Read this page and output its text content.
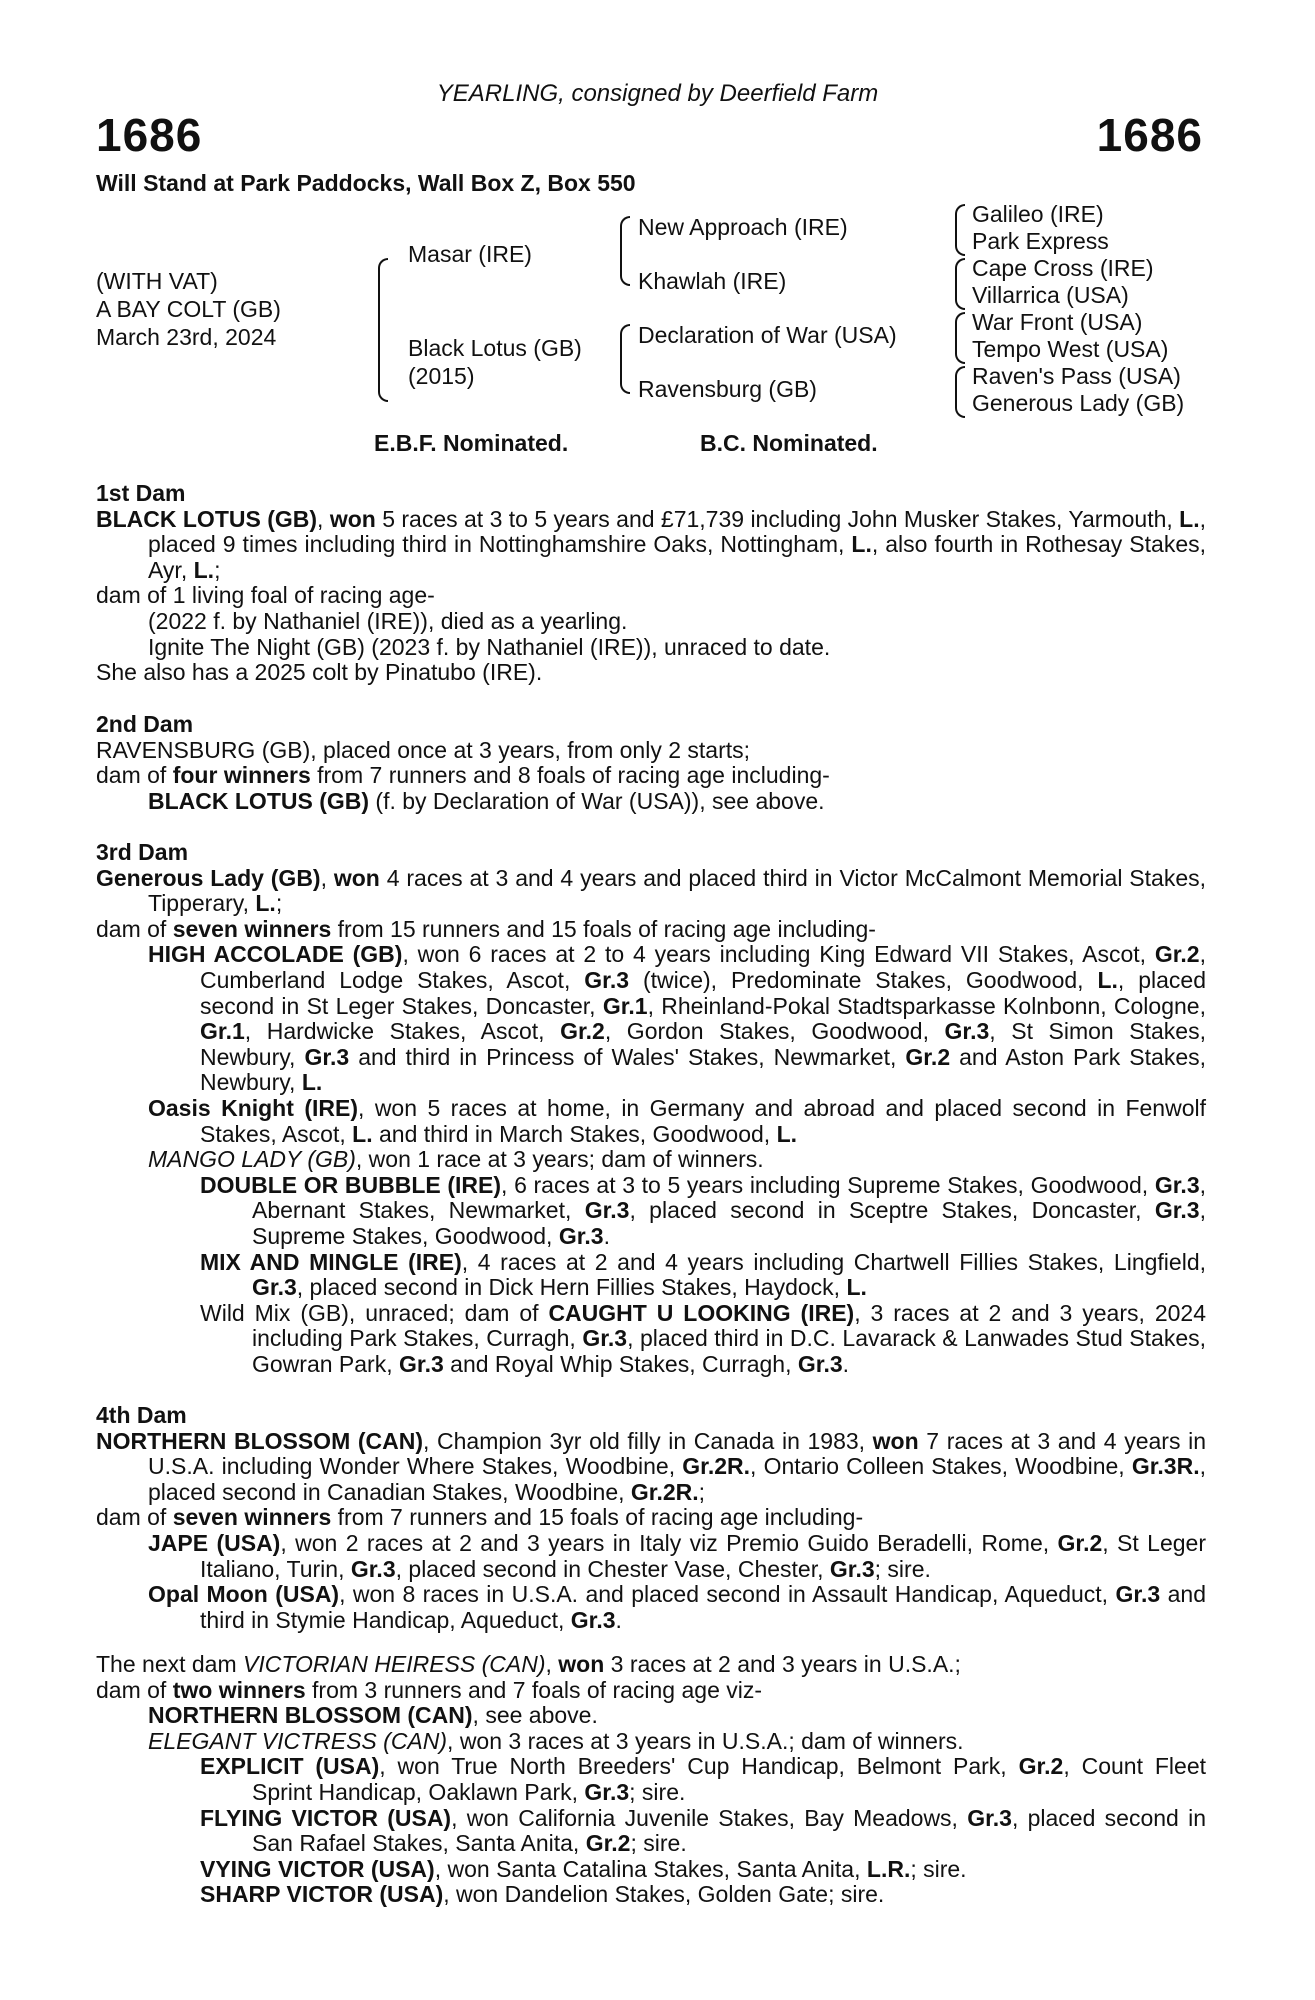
YEARLING, consigned by Deerfield Farm
1686	1686
Will Stand at Park Paddocks, Wall Box Z, Box 550
(WITH VAT)
A BAY COLT (GB)
March 23rd, 2024
Masar (IRE)
Black Lotus (GB)
(2015)
New Approach (IRE)
Khawlah (IRE)
Declaration of War (USA)
Ravensburg (GB)
Galileo (IRE)
Park Express
Cape Cross (IRE)
Villarrica (USA)
War Front (USA)
Tempo West (USA)
Raven's Pass (USA)
Generous Lady (GB)
E.B.F. Nominated.	B.C. Nominated.

1st Dam

BLACK LOTUS (GB), won 5 races at 3 to 5 years and £71,739 including John Musker Stakes, Yarmouth, L., placed 9 times including third in Nottinghamshire Oaks, Nottingham, L., also fourth in Rothesay Stakes, Ayr, L.;

dam of 1 living foal of racing age-

(2022 f. by Nathaniel (IRE)), died as a yearling.

Ignite The Night (GB) (2023 f. by Nathaniel (IRE)), unraced to date.

She also has a 2025 colt by Pinatubo (IRE).

2nd Dam

RAVENSBURG (GB), placed once at 3 years, from only 2 starts;

dam of four winners from 7 runners and 8 foals of racing age including-

BLACK LOTUS (GB) (f. by Declaration of War (USA)), see above.

3rd Dam

Generous Lady (GB), won 4 races at 3 and 4 years and placed third in Victor McCalmont Memorial Stakes, Tipperary, L.;

dam of seven winners from 15 runners and 15 foals of racing age including-

HIGH ACCOLADE (GB), won 6 races at 2 to 4 years including King Edward VII Stakes, Ascot, Gr.2, Cumberland Lodge Stakes, Ascot, Gr.3 (twice), Predominate Stakes, Goodwood, L., placed second in St Leger Stakes, Doncaster, Gr.1, Rheinland-Pokal Stadtsparkasse Kolnbonn, Cologne, Gr.1, Hardwicke Stakes, Ascot, Gr.2, Gordon Stakes, Goodwood, Gr.3, St Simon Stakes, Newbury, Gr.3 and third in Princess of Wales' Stakes, Newmarket, Gr.2 and Aston Park Stakes, Newbury, L.

Oasis Knight (IRE), won 5 races at home, in Germany and abroad and placed second in Fenwolf Stakes, Ascot, L. and third in March Stakes, Goodwood, L.

MANGO LADY (GB), won 1 race at 3 years; dam of winners.

DOUBLE OR BUBBLE (IRE), 6 races at 3 to 5 years including Supreme Stakes, Goodwood, Gr.3, Abernant Stakes, Newmarket, Gr.3, placed second in Sceptre Stakes, Doncaster, Gr.3, Supreme Stakes, Goodwood, Gr.3.

MIX AND MINGLE (IRE), 4 races at 2 and 4 years including Chartwell Fillies Stakes, Lingfield, Gr.3, placed second in Dick Hern Fillies Stakes, Haydock, L.

Wild Mix (GB), unraced; dam of CAUGHT U LOOKING (IRE), 3 races at 2 and 3 years, 2024 including Park Stakes, Curragh, Gr.3, placed third in D.C. Lavarack & Lanwades Stud Stakes, Gowran Park, Gr.3 and Royal Whip Stakes, Curragh, Gr.3.

4th Dam

NORTHERN BLOSSOM (CAN), Champion 3yr old filly in Canada in 1983, won 7 races at 3 and 4 years in U.S.A. including Wonder Where Stakes, Woodbine, Gr.2R., Ontario Colleen Stakes, Woodbine, Gr.3R., placed second in Canadian Stakes, Woodbine, Gr.2R.;

dam of seven winners from 7 runners and 15 foals of racing age including-

JAPE (USA), won 2 races at 2 and 3 years in Italy viz Premio Guido Beradelli, Rome, Gr.2, St Leger Italiano, Turin, Gr.3, placed second in Chester Vase, Chester, Gr.3; sire.

Opal Moon (USA), won 8 races in U.S.A. and placed second in Assault Handicap, Aqueduct, Gr.3 and third in Stymie Handicap, Aqueduct, Gr.3.

The next dam VICTORIAN HEIRESS (CAN), won 3 races at 2 and 3 years in U.S.A.;

dam of two winners from 3 runners and 7 foals of racing age viz-

NORTHERN BLOSSOM (CAN), see above.

ELEGANT VICTRESS (CAN), won 3 races at 3 years in U.S.A.; dam of winners.

EXPLICIT (USA), won True North Breeders' Cup Handicap, Belmont Park, Gr.2, Count Fleet Sprint Handicap, Oaklawn Park, Gr.3; sire.

FLYING VICTOR (USA), won California Juvenile Stakes, Bay Meadows, Gr.3, placed second in San Rafael Stakes, Santa Anita, Gr.2; sire.

VYING VICTOR (USA), won Santa Catalina Stakes, Santa Anita, L.R.; sire.

SHARP VICTOR (USA), won Dandelion Stakes, Golden Gate; sire.
